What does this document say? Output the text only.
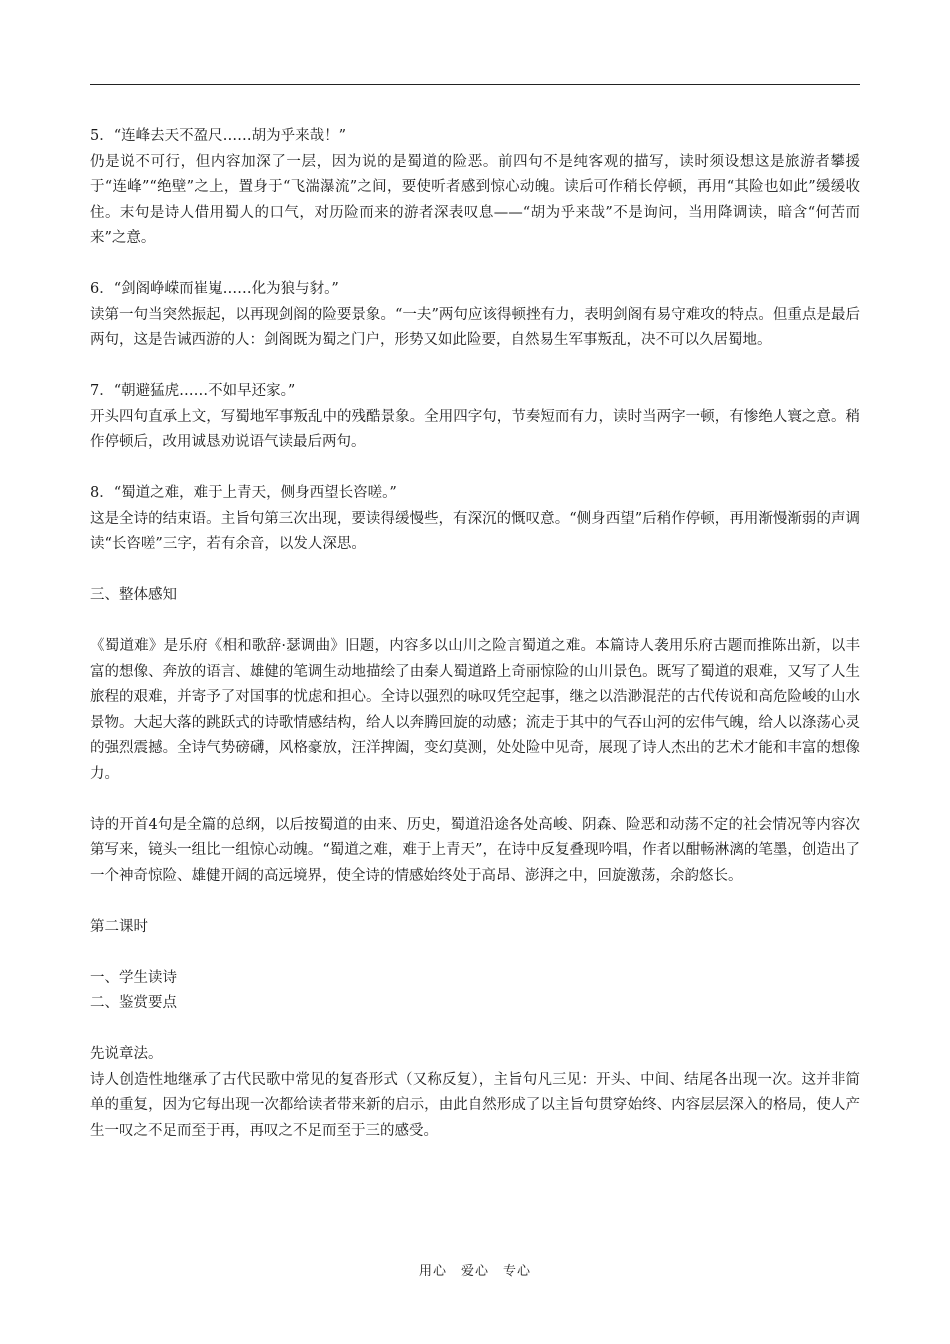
5．“连峰去天不盈尺……胡为乎来哉！”

仍是说不可行，但内容加深了一层，因为说的是蜀道的险恶。前四句不是纯客观的描写，读时须设想这是旅游者攀援于“连峰”“绝壁”之上，置身于“飞湍瀑流”之间，要使听者感到惊心动魄。读后可作稍长停顿，再用“其险也如此”缓缓收住。末句是诗人借用蜀人的口气，对历险而来的游者深表叹息——“胡为乎来哉”不是询问，当用降调读，暗含“何苦而来”之意。

6．“剑阁峥嵘而崔嵬……化为狼与豺。”

读第一句当突然振起，以再现剑阁的险要景象。“一夫”两句应该得顿挫有力，表明剑阁有易守难攻的特点。但重点是最后两句，这是告诫西游的人：剑阁既为蜀之门户，形势又如此险要，自然易生军事叛乱，决不可以久居蜀地。

7．“朝避猛虎……不如早还家。”

开头四句直承上文，写蜀地军事叛乱中的残酷景象。全用四字句，节奏短而有力，读时当两字一顿，有惨绝人寰之意。稍作停顿后，改用诚恳劝说语气读最后两句。

8．“蜀道之难，难于上青天，侧身西望长咨嗟。”

这是全诗的结束语。主旨句第三次出现，要读得缓慢些，有深沉的慨叹意。“侧身西望”后稍作停顿，再用渐慢渐弱的声调读“长咨嗟”三字，若有余音，以发人深思。

三、整体感知

《蜀道难》是乐府《相和歌辞·瑟调曲》旧题，内容多以山川之险言蜀道之难。本篇诗人袭用乐府古题而推陈出新，以丰富的想像、奔放的语言、雄健的笔调生动地描绘了由秦人蜀道路上奇丽惊险的山川景色。既写了蜀道的艰难，又写了人生旅程的艰难，并寄予了对国事的忧虑和担心。全诗以强烈的咏叹凭空起事，继之以浩渺混茫的古代传说和高危险峻的山水景物。大起大落的跳跃式的诗歌情感结构，给人以奔腾回旋的动感；流走于其中的气吞山河的宏伟气魄，给人以涤荡心灵的强烈震撼。全诗气势磅礴，风格豪放，汪洋捭阖，变幻莫测，处处险中见奇，展现了诗人杰出的艺术才能和丰富的想像力。

诗的开首4句是全篇的总纲，以后按蜀道的由来、历史，蜀道沿途各处高峻、阴森、险恶和动荡不定的社会情况等内容次第写来，镜头一组比一组惊心动魄。“蜀道之难，难于上青天”，在诗中反复叠现吟唱，作者以酣畅淋漓的笔墨，创造出了一个神奇惊险、雄健开阔的高远境界，使全诗的情感始终处于高昂、澎湃之中，回旋激荡，余韵悠长。

第二课时

一、学生读诗

二、鉴赏要点

先说章法。

诗人创造性地继承了古代民歌中常见的复沓形式（又称反复），主旨句凡三见：开头、中间、结尾各出现一次。这并非简单的重复，因为它每出现一次都给读者带来新的启示，由此自然形成了以主旨句贯穿始终、内容层层深入的格局，使人产生一叹之不足而至于再，再叹之不足而至于三的感受。

用心　爱心　专心
